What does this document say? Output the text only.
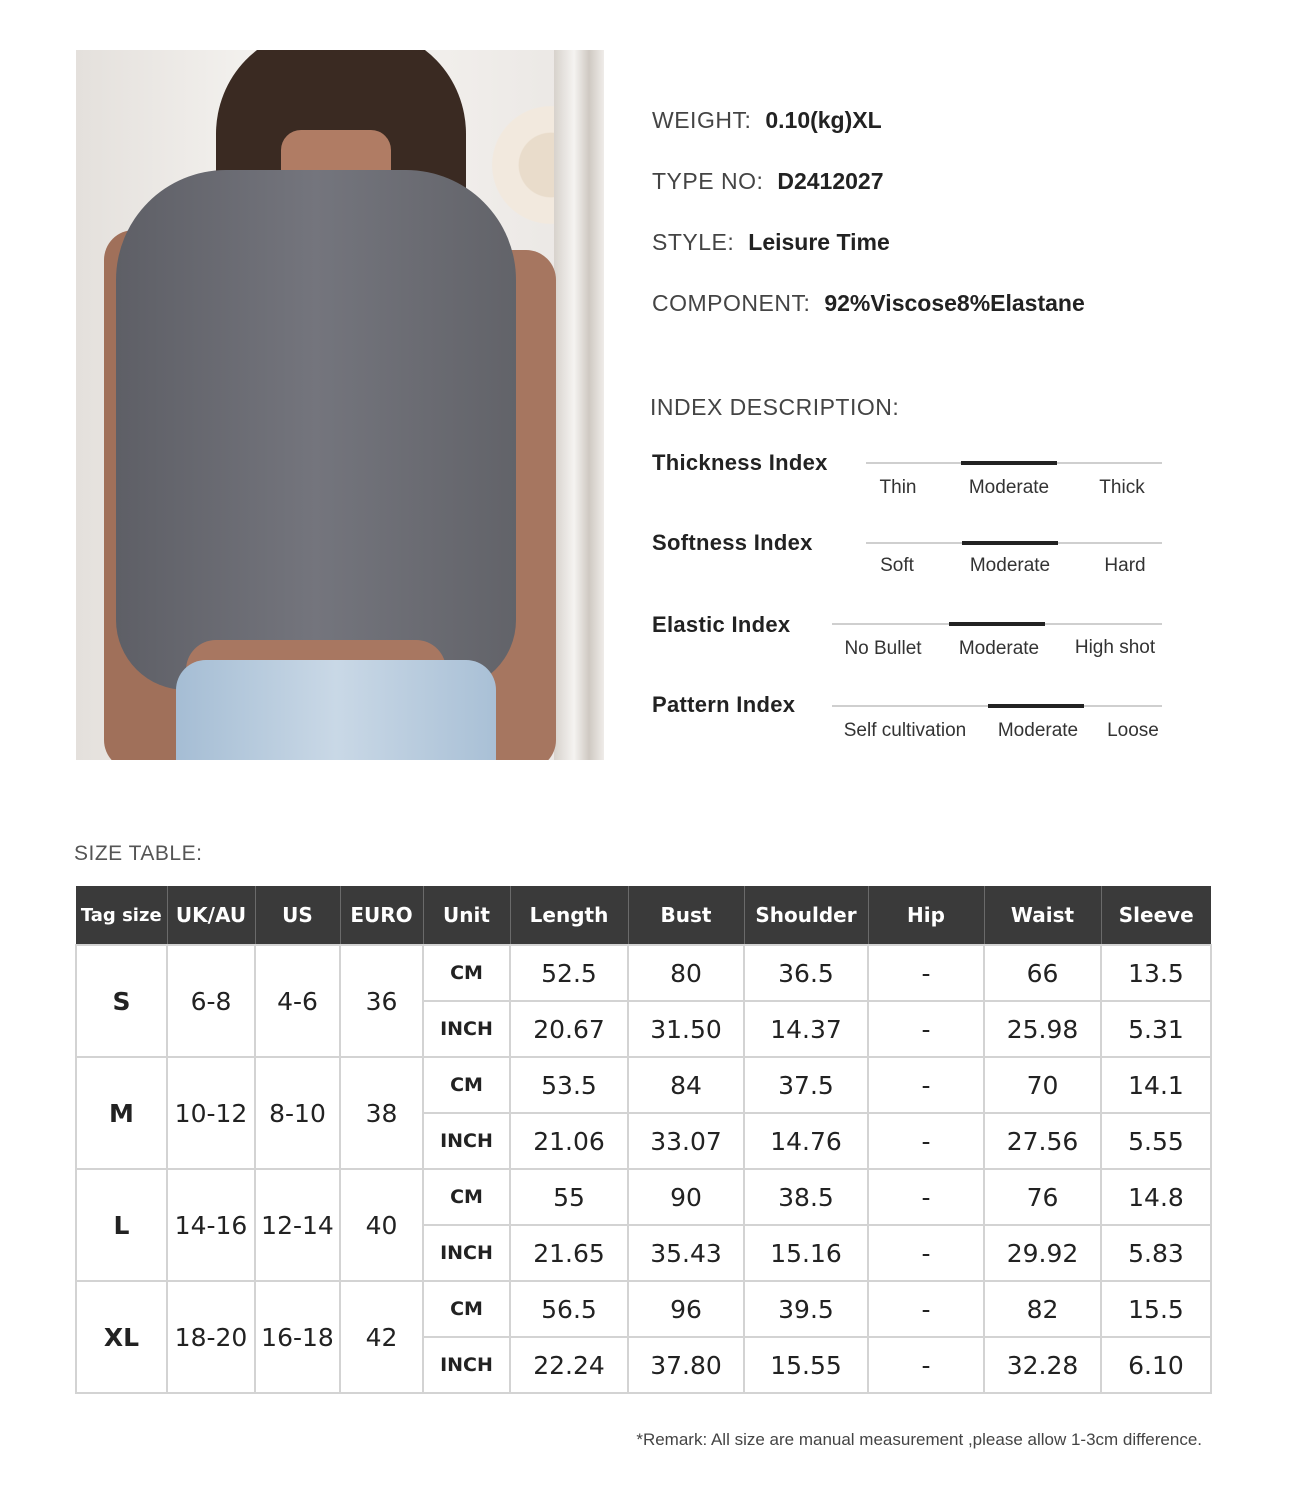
WEIGHT: 0.10(kg)XL
TYPE NO: D2412027
STYLE: Leisure Time
COMPONENT: 92%Viscose8%Elastane
INDEX DESCRIPTION:
Thickness Index
Thin	Moderate	Thick
Softness Index
Soft	Moderate	Hard
Elastic Index
No Bullet Moderate High shot
Pattern Index
Self cultivation Moderate Loose
SIZE TABLE:
Tag size	UK/AU	US	EURO	Unit	Length	Bust	Shoulder	Hip	Waist	Sleeve
S	6-8	4-6	36	CM	52.5	80	36.5	-	66	13.5
				INCH	20.67	31.50	14.37	-	25.98	5.31
M	10-12	8-10	38	CM	53.5	84	37.5	-	70	14.1
				INCH	21.06	33.07	14.76	-	27.56	5.55
L	14-16	12-14	40	CM	55	90	38.5	-	76	14.8
				INCH	21.65	35.43	15.16	-	29.92	5.83
XL	18-20	16-18	42	CM	56.5	96	39.5	-	82	15.5
				INCH	22.24	37.80	15.55	-	32.28	6.10
*Remark: All size are manual measurement ,please allow 1-3cm difference.
